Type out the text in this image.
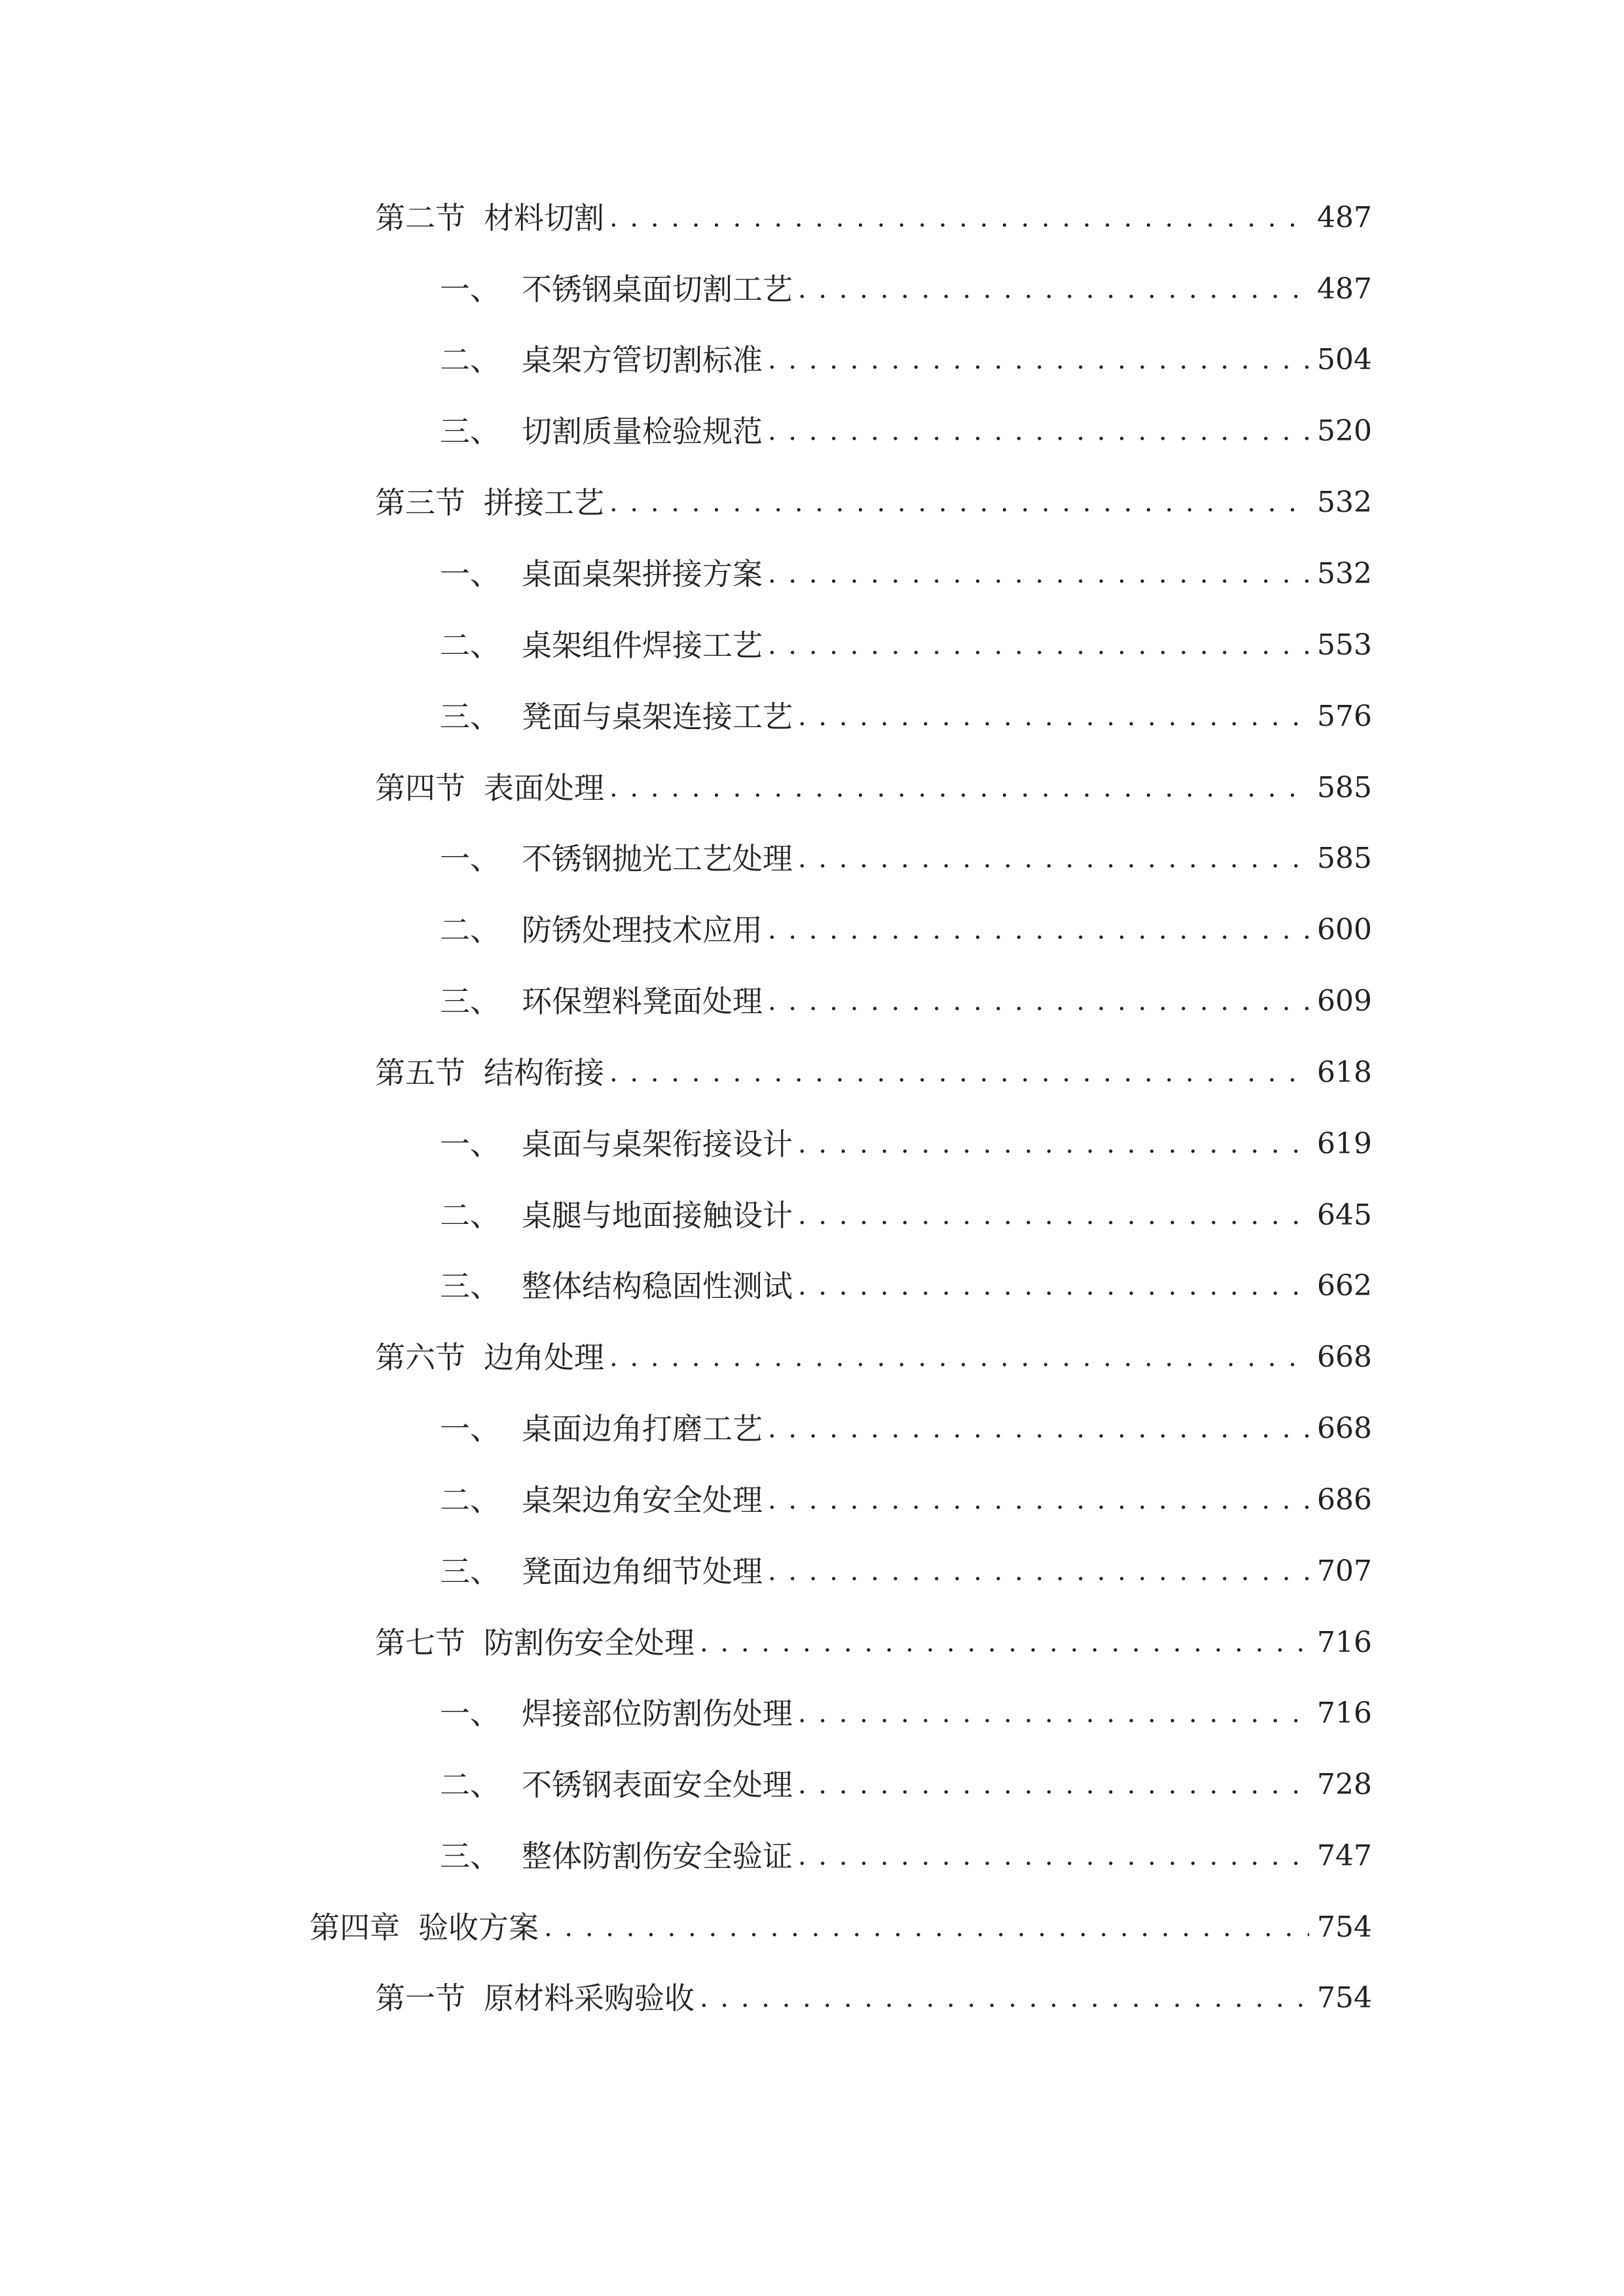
第二节 材料切割 . . .	487
一、 不锈钢桌面切割工艺 . . .	487
二、 桌架方管切割标准 . . .	504
三、 切割质量检验规范 . . .	520
第三节 拼接工艺 . . .	532
一、 桌面桌架拼接方案 . . .	532
二、 桌架组件焊接工艺 . . .	553
三、 凳面与桌架连接工艺 . . .	576
第四节 表面处理 . . .	585
一、 不锈钢抛光工艺处理 . . .	585
二、 防锈处理技术应用 . . .	600
三、 环保塑料凳面处理 . . .	609
第五节 结构衔接 . . .	618
一、 桌面与桌架衔接设计 . . .	619
二、 桌腿与地面接触设计 . . .	645
三、 整体结构稳固性测试 . . .	662
第六节 边角处理 . . .	668
一、 桌面边角打磨工艺 . . .	668
二、 桌架边角安全处理 . . .	686
三、 凳面边角细节处理 . . .	707
第七节 防割伤安全处理 . . .	716
一、 焊接部位防割伤处理 . . .	716
二、 不锈钢表面安全处理 . . .	728
三、 整体防割伤安全验证 . . .	747
第四章 验收方案 . . .	754
第一节 原材料采购验收 . . .	754
